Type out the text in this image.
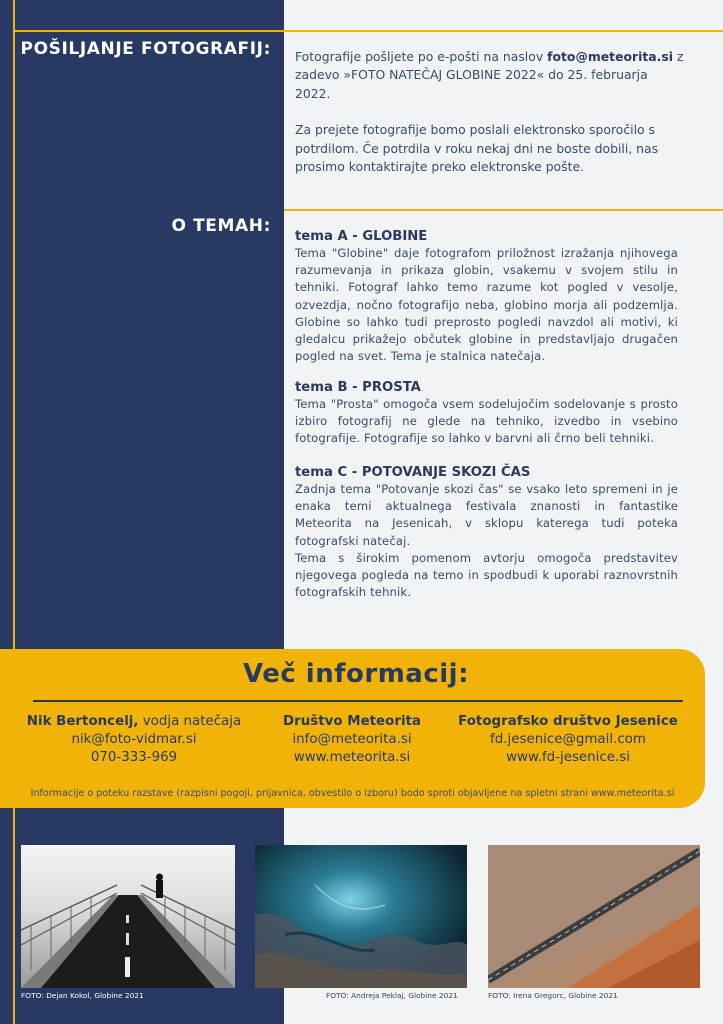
POŠILJANJE FOTOGRAFIJ: Fotografije pošljete po e-pošti na naslov foto@meteorita.si z zadevo »FOTO NATEČAJ GLOBINE 2022« do 25. februarja 2022.

Za prejete fotografije bomo poslali elektronsko sporočilo s potrdilom. Če potrdila v roku nekaj dni ne boste dobili, nas prosimo kontaktirajte preko elektronske pošte.

O TEMAH:
tema A - GLOBINE
Tema "Globine" daje fotografom priložnost izražanja njihovega razumevanja in prikaza globin, vsakemu v svojem stilu in tehniki. Fotograf lahko temo razume kot pogled v vesolje, ozvezdja, nočno fotografijo neba, globino morja ali podzemlja. Globine so lahko tudi preprosto pogledi navzdol ali motivi, ki gledalcu prikažejo občutek globine in predstavljajo drugačen pogled na svet. Tema je stalnica natečaja.
tema B - PROSTA
Tema "Prosta" omogoča vsem sodelujočim sodelovanje s prosto izbiro fotografij ne glede na tehniko, izvedbo in vsebino fotografije. Fotografije so lahko v barvni ali črno beli tehniki.
tema C - POTOVANJE SKOZI ČAS
Zadnja tema "Potovanje skozi čas" se vsako leto spremeni in je enaka temi aktualnega festivala znanosti in fantastike Meteorita na Jesenicah, v sklopu katerega tudi poteka fotografski natečaj.
Tema s širokim pomenom avtorju omogoča predstavitev njegovega pogleda na temo in spodbudi k uporabi raznovrstnih fotografskih tehnik.
Več informacij:
Nik Bertoncelj, vodja natečaja
nik@foto-vidmar.si
070-333-969
Društvo Meteorita
info@meteorita.si
www.meteorita.si
Fotografsko društvo Jesenice
fd.jesenice@gmail.com
www.fd-jesenice.si
Informacije o poteku razstave (razpisni pogoji, prijavnica, obvestilo o izboru) bodo sproti objavljene na spletni strani www.meteorita.si
FOTO: Dejan Kokol, Globine 2021	FOTO: Andreja Peklaj, Globine 2021	FOTO: Irena Gregorc, Globine 2021
